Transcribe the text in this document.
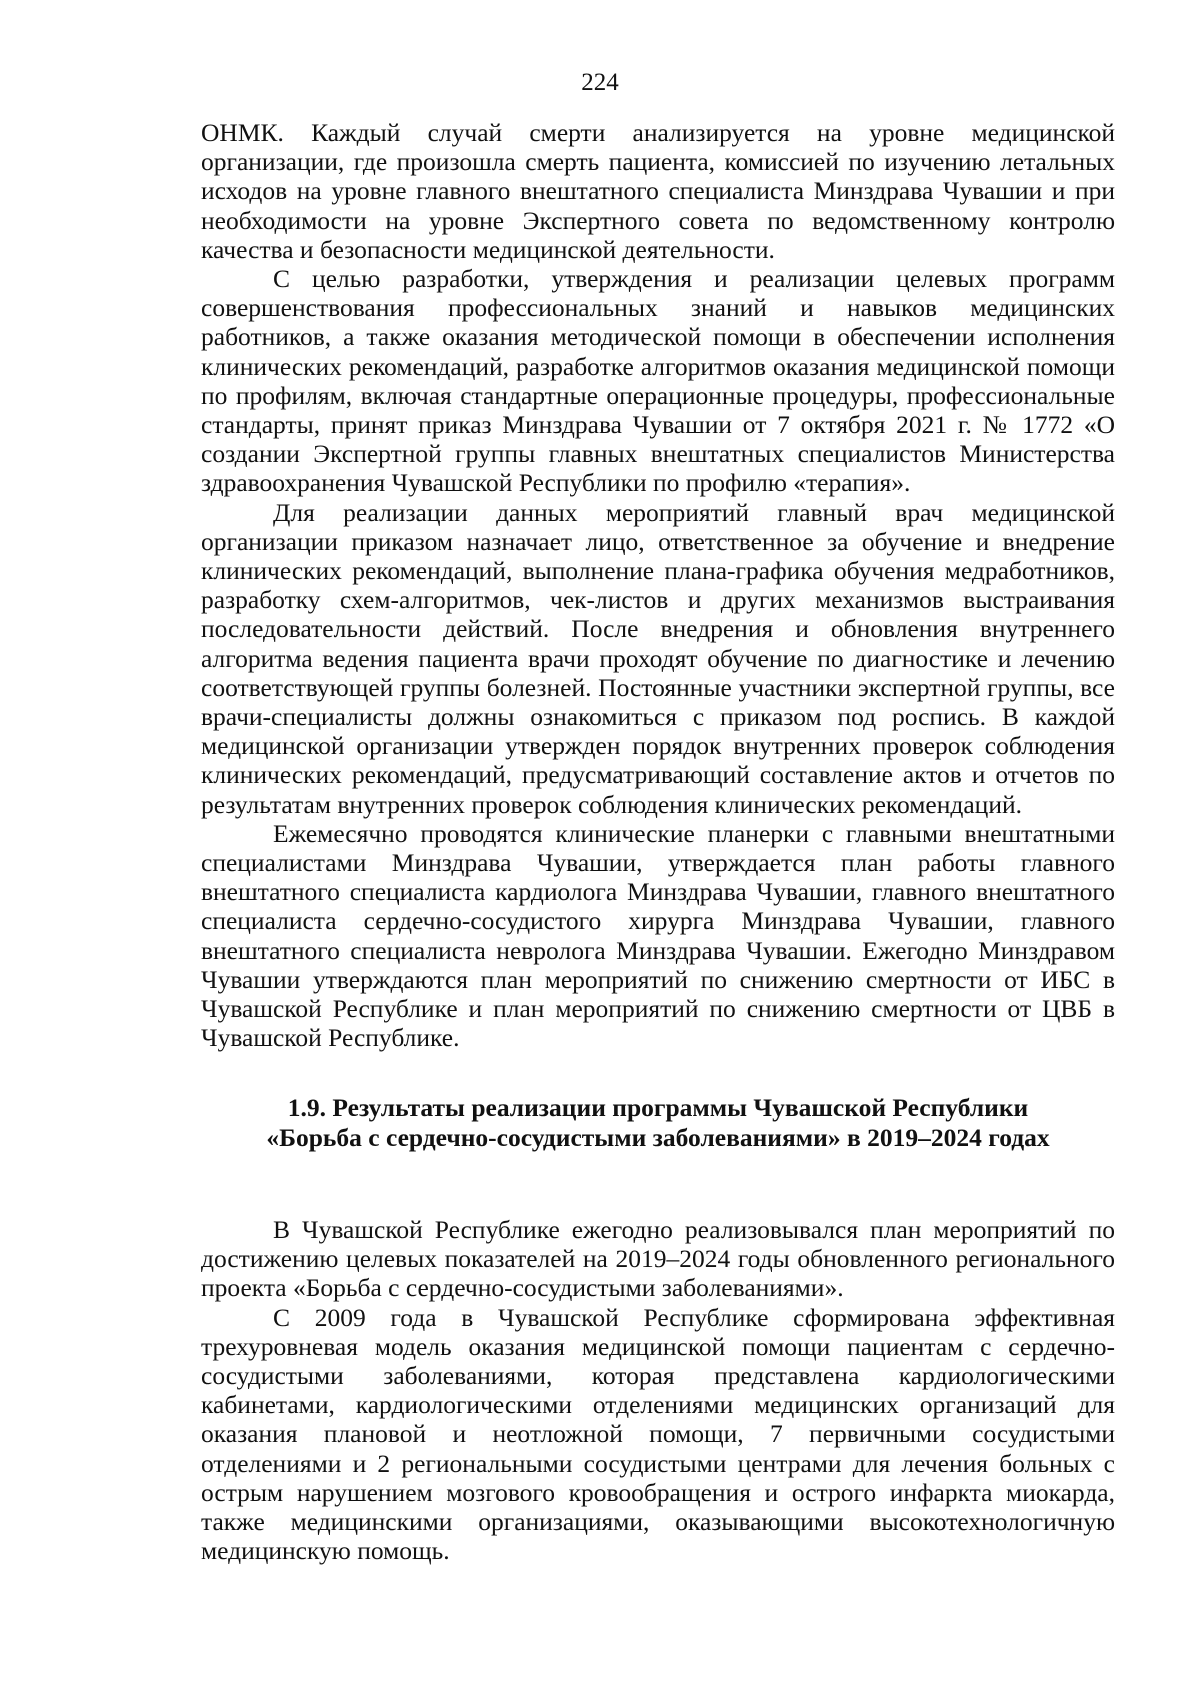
224

ОНМК. Каждый случай смерти анализируется на уровне медицинской организации, где произошла смерть пациента, комиссией по изучению летальных исходов на уровне главного внештатного специалиста Минздрава Чувашии и при необходимости на уровне Экспертного совета по ведомственному контролю качества и безопасности медицинской деятельности.

С целью разработки, утверждения и реализации целевых программ совершенствования профессиональных знаний и навыков медицинских работников, а также оказания методической помощи в обеспечении исполнения клинических рекомендаций, разработке алгоритмов оказания медицинской помощи по профилям, включая стандартные операционные процедуры, профессиональные стандарты, принят приказ Минздрава Чувашии от 7 октября 2021 г. № 1772 «О создании Экспертной группы главных внештатных специалистов Министерства здравоохранения Чувашской Республики по профилю «терапия».

Для реализации данных мероприятий главный врач медицинской организации приказом назначает лицо, ответственное за обучение и внедрение клинических рекомендаций, выполнение плана-графика обучения медработников, разработку схем-алгоритмов, чек-листов и других механизмов выстраивания последовательности действий. После внедрения и обновления внутреннего алгоритма ведения пациента врачи проходят обучение по диагностике и лечению соответствующей группы болезней. Постоянные участники экспертной группы, все врачи-специалисты должны ознакомиться с приказом под роспись. В каждой медицинской организации утвержден порядок внутренних проверок соблюдения клинических рекомендаций, предусматривающий составление актов и отчетов по результатам внутренних проверок соблюдения клинических рекомендаций.

Ежемесячно проводятся клинические планерки с главными внештатными специалистами Минздрава Чувашии, утверждается план работы главного внештатного специалиста кардиолога Минздрава Чувашии, главного внештатного специалиста сердечно-сосудистого хирурга Минздрава Чувашии, главного внештатного специалиста невролога Минздрава Чувашии. Ежегодно Минздравом Чувашии утверждаются план мероприятий по снижению смертности от ИБС в Чувашской Республике и план мероприятий по снижению смертности от ЦВБ в Чувашской Республике.

1.9. Результаты реализации программы Чувашской Республики
«Борьба с сердечно-сосудистыми заболеваниями» в 2019–2024 годах

В Чувашской Республике ежегодно реализовывался план мероприятий по достижению целевых показателей на 2019–2024 годы обновленного регионального проекта «Борьба с сердечно-сосудистыми заболеваниями».

С 2009 года в Чувашской Республике сформирована эффективная трехуровневая модель оказания медицинской помощи пациентам с сердечно-сосудистыми заболеваниями, которая представлена кардиологическими кабинетами, кардиологическими отделениями медицинских организаций для оказания плановой и неотложной помощи, 7 первичными сосудистыми отделениями и 2 региональными сосудистыми центрами для лечения больных с острым нарушением мозгового кровообращения и острого инфаркта миокарда, также медицинскими организациями, оказывающими высокотехнологичную медицинскую помощь.
